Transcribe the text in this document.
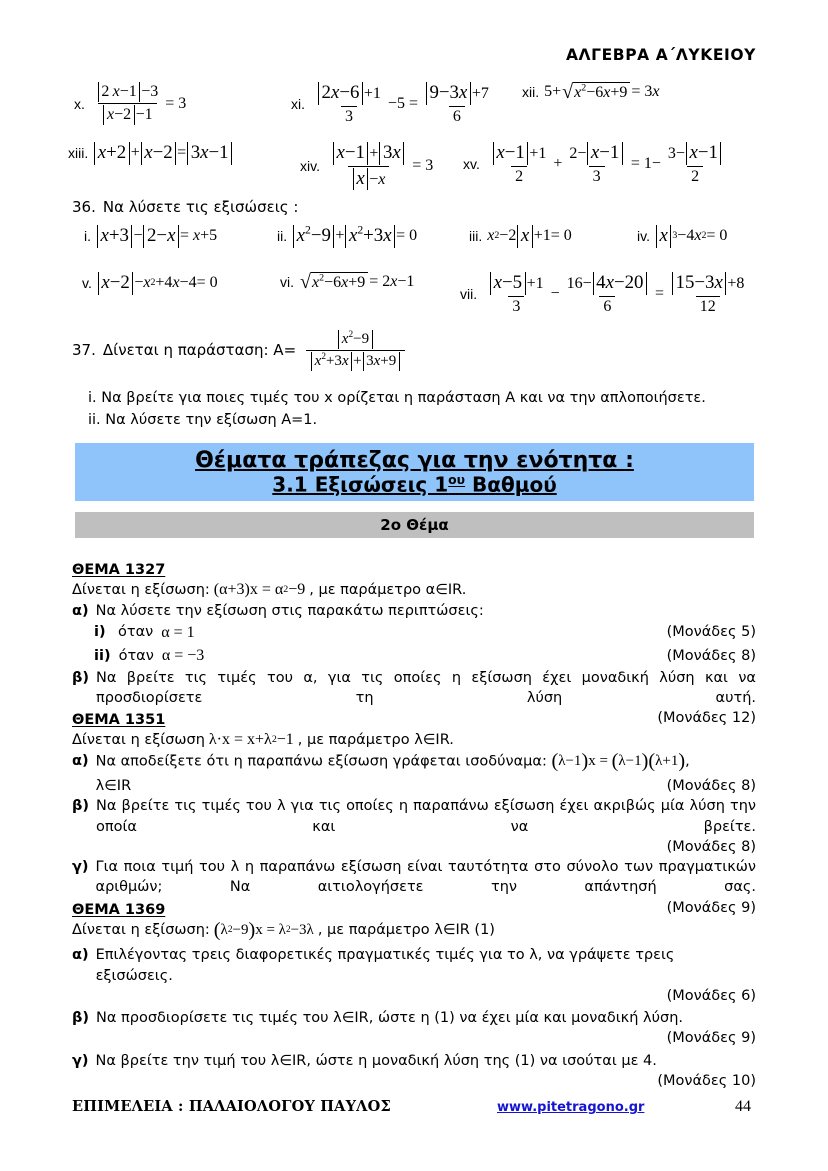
ΑΛΓΕΒΡΑ Α΄ΛΥΚΕΙΟΥ
x. $\frac{2 x-1 -3}{x-2 -1} = 3$	xi. $\frac{2x-6 +1}{3} -5 = \frac{9-3x +7}{6}$ xii. 5+ √ $x^2-6x+9 = 3$ x
xiii. x+2 + x−2 = 3x−1
xiv. $\frac{x-1 + 3x}{x -x} = 3$ xv. $\frac{x-1 +1}{2} + \frac{2- x-1}{3} = 1- \frac{3- x-1}{2}$
36. Να λύσετε τις εξισώσεις :
i. x+3 − 2−x = x +5	ii. $x^2-9 + x^2+3x = 0$	iii. x 2 −2 x +1= 0	iv. x 3 −4 x 2 = 0
v. x−2 − x 2 +4 x −4= 0	vi. √ $x^2-6x+9 = 2$ x −1
vii. $\frac{x-5 +1}{3} - \frac{16- 4x-20}{6} = \frac{15-3x +8}{12}$
37. Δίνεται η παράσταση: $A= \frac{x^2-9}{x^2+3x + 3x+9}$
i. Να βρείτε για ποιες τιμές του x ορίζεται η παράσταση Α και να την απλοποιήσετε.
ii. Να λύσετε την εξίσωση Α=1.
Θέματα τράπεζας για την ενότητα :
3.1 Εξισώσεις $1^{o\upsilon}$ Βαθμού
2ο Θέμα
ΘΕΜΑ 1327
Δίνεται η εξίσωση: (α+3)x = α 2 −9 , με παράμετρο α∈IR.
α) Να λύσετε την εξίσωση στις παρακάτω περιπτώσεις:
i) όταν α = 1	(Μονάδες 5)
ii) όταν α = −3	(Μονάδες 8)
β) Να βρείτε τις τιμές του α, για τις οποίες η εξίσωση έχει μοναδική λύση και να προσδιορίσετε τη λύση αυτή.
(Μονάδες 12)
ΘΕΜΑ 1351
Δίνεται η εξίσωση λ·x = x+λ 2 −1 , με παράμετρο λ∈IR.
α) Να αποδείξετε ότι η παραπάνω εξίσωση γράφεται ισοδύναμα: ( λ−1 ) x = ( λ−1 ) ( λ+1 ) ,
λ∈IR	(Μονάδες 8)
β) Να βρείτε τις τιμές του λ για τις οποίες η παραπάνω εξίσωση έχει ακριβώς μία λύση την οποία και να βρείτε.
(Μονάδες 8)
γ) Για ποια τιμή του λ η παραπάνω εξίσωση είναι ταυτότητα στο σύνολο των πραγματικών αριθμών; Να αιτιολογήσετε την απάντησή σας.
(Μονάδες 9)
ΘΕΜΑ 1369
Δίνεται η εξίσωση: ( λ 2 −9 ) x = λ 2 −3λ , με παράμετρο λ∈IR (1)
α) Επιλέγοντας τρεις διαφορετικές πραγματικές τιμές για το λ, να γράψετε τρεις εξισώσεις.
(Μονάδες 6)
β) Να προσδιορίσετε τις τιμές του λ∈IR, ώστε η (1) να έχει μία και μοναδική λύση.
(Μονάδες 9)
γ) Να βρείτε την τιμή του λ∈IR, ώστε η μοναδική λύση της (1) να ισούται με 4.
(Μονάδες 10)
ΕΠΙΜΕΛΕΙΑ : ΠΑΛΑΙΟΛΟΓΟΥ ΠΑΥΛΟΣ	www.pitetragono.gr	44
